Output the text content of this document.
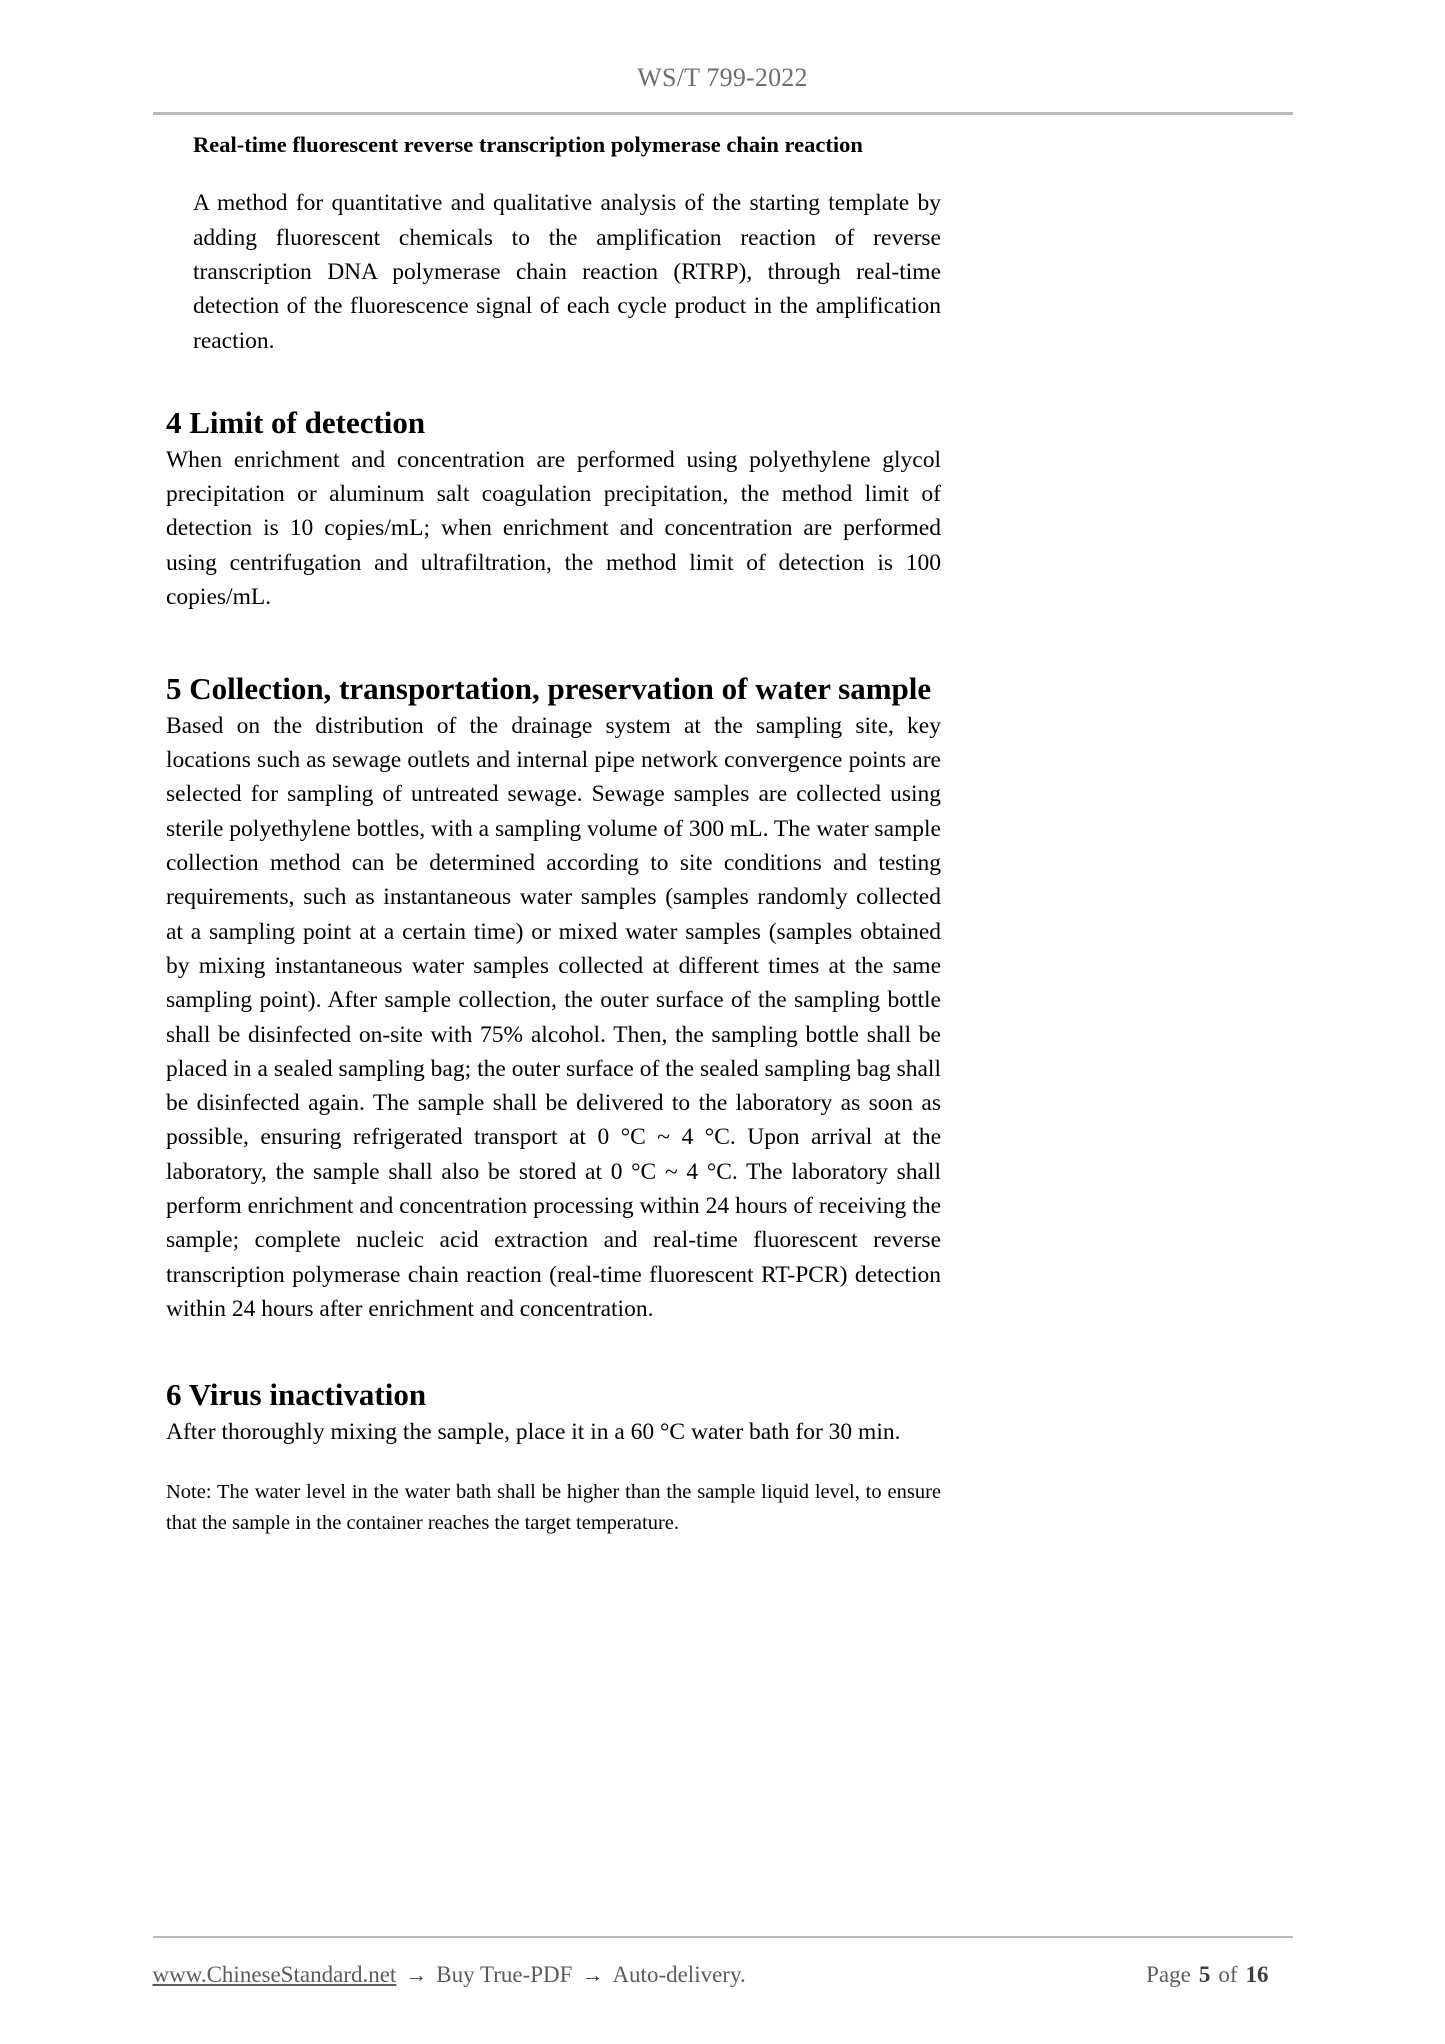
WS/T 799-2022
Real-time fluorescent reverse transcription polymerase chain reaction

A method for quantitative and qualitative analysis of the starting template by adding fluorescent chemicals to the amplification reaction of reverse transcription DNA polymerase chain reaction (RTRP), through real-time detection of the fluorescence signal of each cycle product in the amplification reaction.

4 Limit of detection

When enrichment and concentration are performed using polyethylene glycol precipitation or aluminum salt coagulation precipitation, the method limit of detection is 10 copies/mL; when enrichment and concentration are performed using centrifugation and ultrafiltration, the method limit of detection is 100 copies/mL.

5 Collection, transportation, preservation of water sample

Based on the distribution of the drainage system at the sampling site, key locations such as sewage outlets and internal pipe network convergence points are selected for sampling of untreated sewage. Sewage samples are collected using sterile polyethylene bottles, with a sampling volume of 300 mL. The water sample collection method can be determined according to site conditions and testing requirements, such as instantaneous water samples (samples randomly collected at a sampling point at a certain time) or mixed water samples (samples obtained by mixing instantaneous water samples collected at different times at the same sampling point). After sample collection, the outer surface of the sampling bottle shall be disinfected on-site with 75% alcohol. Then, the sampling bottle shall be placed in a sealed sampling bag; the outer surface of the sealed sampling bag shall be disinfected again. The sample shall be delivered to the laboratory as soon as possible, ensuring refrigerated transport at 0 °C ~ 4 °C. Upon arrival at the laboratory, the sample shall also be stored at 0 °C ~ 4 °C. The laboratory shall perform enrichment and concentration processing within 24 hours of receiving the sample; complete nucleic acid extraction and real-time fluorescent reverse transcription polymerase chain reaction (real-time fluorescent RT-PCR) detection within 24 hours after enrichment and concentration.

6 Virus inactivation

After thoroughly mixing the sample, place it in a 60 °C water bath for 30 min.

Note: The water level in the water bath shall be higher than the sample liquid level, to ensure that the sample in the container reaches the target temperature.

www.ChineseStandard.net → Buy True-PDF → Auto-delivery.	Page 5 of 16
